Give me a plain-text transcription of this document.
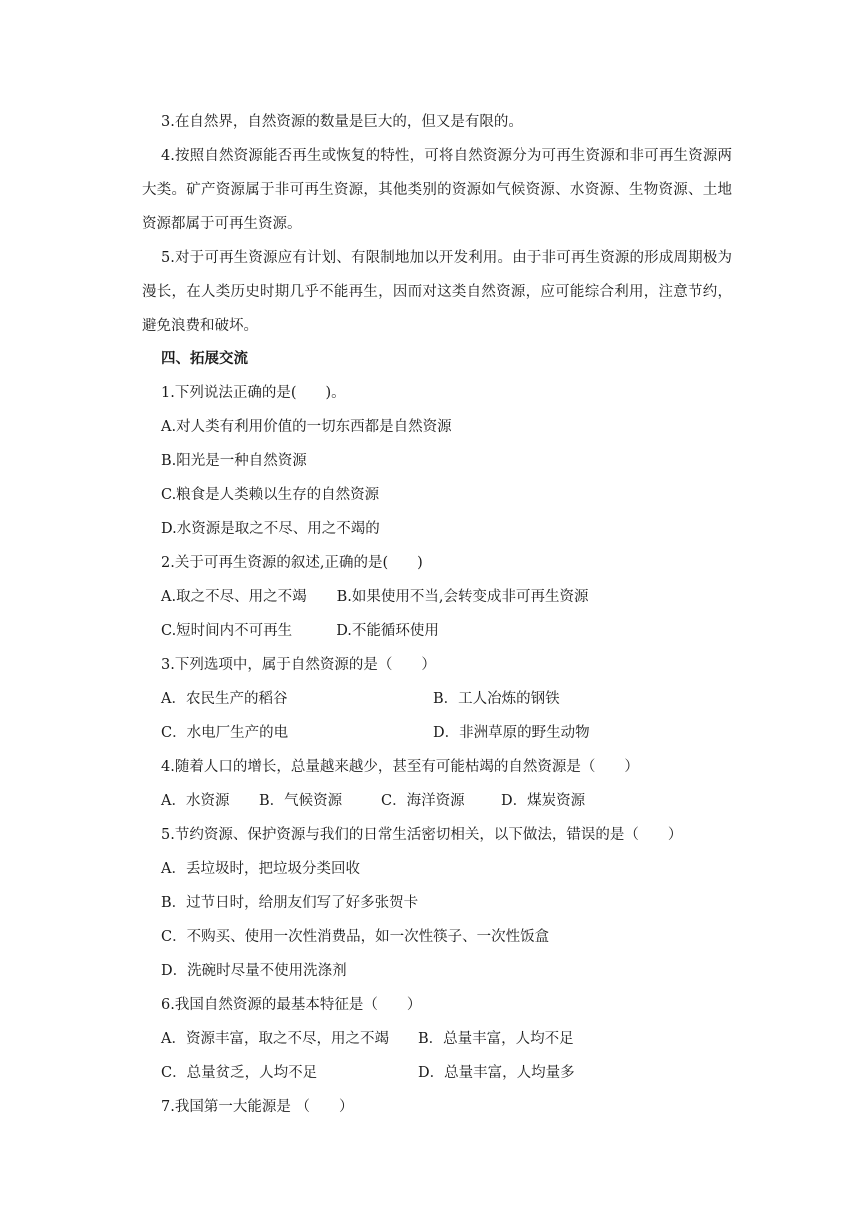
3.在自然界，自然资源的数量是巨大的，但又是有限的。
4.按照自然资源能否再生或恢复的特性，可将自然资源分为可再生资源和非可再生资源两大类。矿产资源属于非可再生资源，其他类别的资源如气候资源、水资源、生物资源、土地资源都属于可再生资源。
5.对于可再生资源应有计划、有限制地加以开发利用。由于非可再生资源的形成周期极为漫长，在人类历史时期几乎不能再生，因而对这类自然资源，应可能综合利用，注意节约，避免浪费和破坏。
四、拓展交流
1.下列说法正确的是(　　)。
A.对人类有利用价值的一切东西都是自然资源
B.阳光是一种自然资源
C.粮食是人类赖以生存的自然资源
D.水资源是取之不尽、用之不竭的
2.关于可再生资源的叙述,正确的是(　　)
A.取之不尽、用之不竭 B.如果使用不当,会转变成非可再生资源
C.短时间内不可再生	D.不能循环使用
3.下列选项中，属于自然资源的是（　　）
A．农民生产的稻谷	B．工人冶炼的钢铁
C．水电厂生产的电	D．非洲草原的野生动物
4.随着人口的增长，总量越来越少，甚至有可能枯竭的自然资源是（　　）
A．水资源 B．气候资源	C．海洋资源	D．煤炭资源
5.节约资源、保护资源与我们的日常生活密切相关，以下做法，错误的是（　　）
A．丢垃圾时，把垃圾分类回收
B．过节日时，给朋友们写了好多张贺卡
C．不购买、使用一次性消费品，如一次性筷子、一次性饭盒
D．洗碗时尽量不使用洗涤剂
6.我国自然资源的最基本特征是（　　）
A．资源丰富，取之不尽，用之不竭 B．总量丰富，人均不足
C．总量贫乏，人均不足	D．总量丰富，人均量多
7.我国第一大能源是 （　　）
